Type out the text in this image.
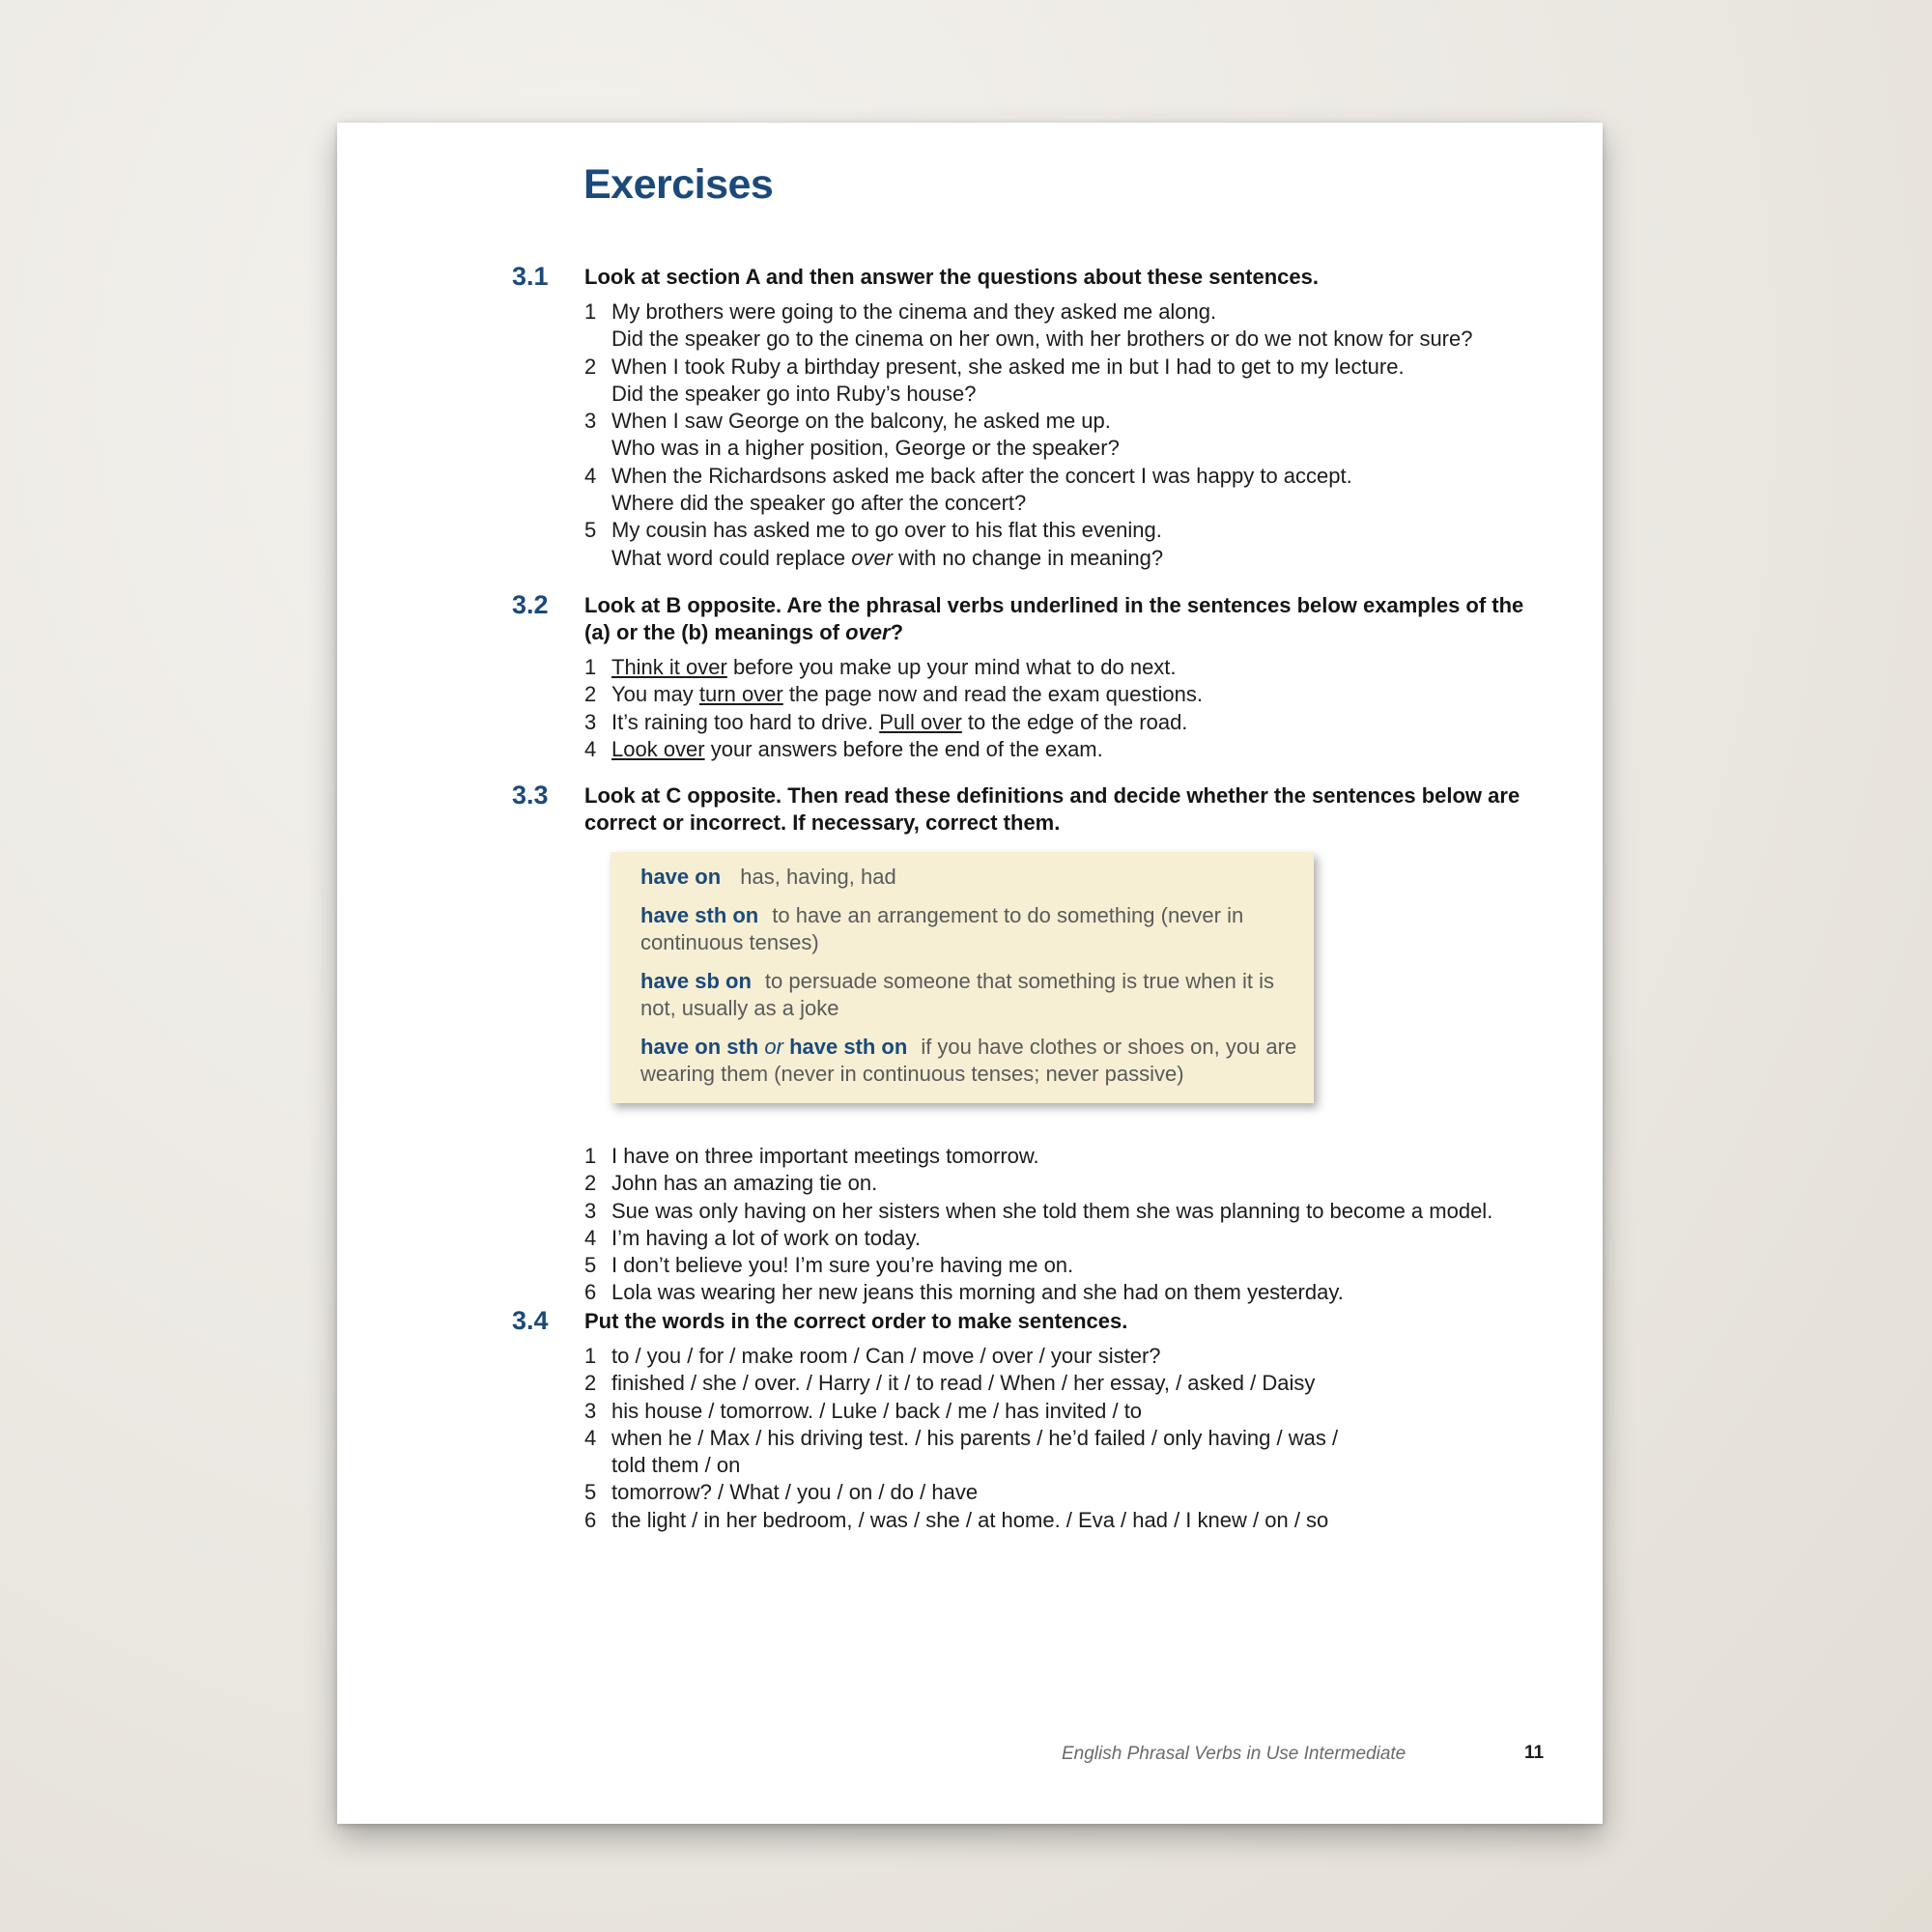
Exercises
3.1 Look at section A and then answer the questions about these sentences.

1 My brothers were going to the cinema and they asked me along.
Did the speaker go to the cinema on her own, with her brothers or do we not know for sure?
2 When I took Ruby a birthday present, she asked me in but I had to get to my lecture.
Did the speaker go into Ruby’s house?
3 When I saw George on the balcony, he asked me up.
Who was in a higher position, George or the speaker?
4 When the Richardsons asked me back after the concert I was happy to accept.
Where did the speaker go after the concert?
5 My cousin has asked me to go over to his flat this evening.
What word could replace over with no change in meaning?
3.2 Look at B opposite. Are the phrasal verbs underlined in the sentences below examples of the
(a) or the (b) meanings of over?

1 Think it over before you make up your mind what to do next.
2 You may turn over the page now and read the exam questions.
3 It’s raining too hard to drive. Pull over to the edge of the road.
4 Look over your answers before the end of the exam.
3.3 Look at C opposite. Then read these definitions and decide whether the sentences below are
correct or incorrect. If necessary, correct them.

have on has, having, had
have sth on to have an arrangement to do something (never in
continuous tenses)
have sb on to persuade someone that something is true when it is
not, usually as a joke
have on sth or have sth on if you have clothes or shoes on, you are
wearing them (never in continuous tenses; never passive)
1 I have on three important meetings tomorrow.
2 John has an amazing tie on.
3 Sue was only having on her sisters when she told them she was planning to become a model.
4 I’m having a lot of work on today.
5 I don’t believe you! I’m sure you’re having me on.
6 Lola was wearing her new jeans this morning and she had on them yesterday.
3.4 Put the words in the correct order to make sentences.

1 to / you / for / make room / Can / move / over / your sister?
2 finished / she / over. / Harry / it / to read / When / her essay, / asked / Daisy
3 his house / tomorrow. / Luke / back / me / has invited / to
4 when he / Max / his driving test. / his parents / he’d failed / only having / was /
told them / on
5 tomorrow? / What / you / on / do / have
6 the light / in her bedroom, / was / she / at home. / Eva / had / I knew / on / so
English Phrasal Verbs in Use Intermediate	11
